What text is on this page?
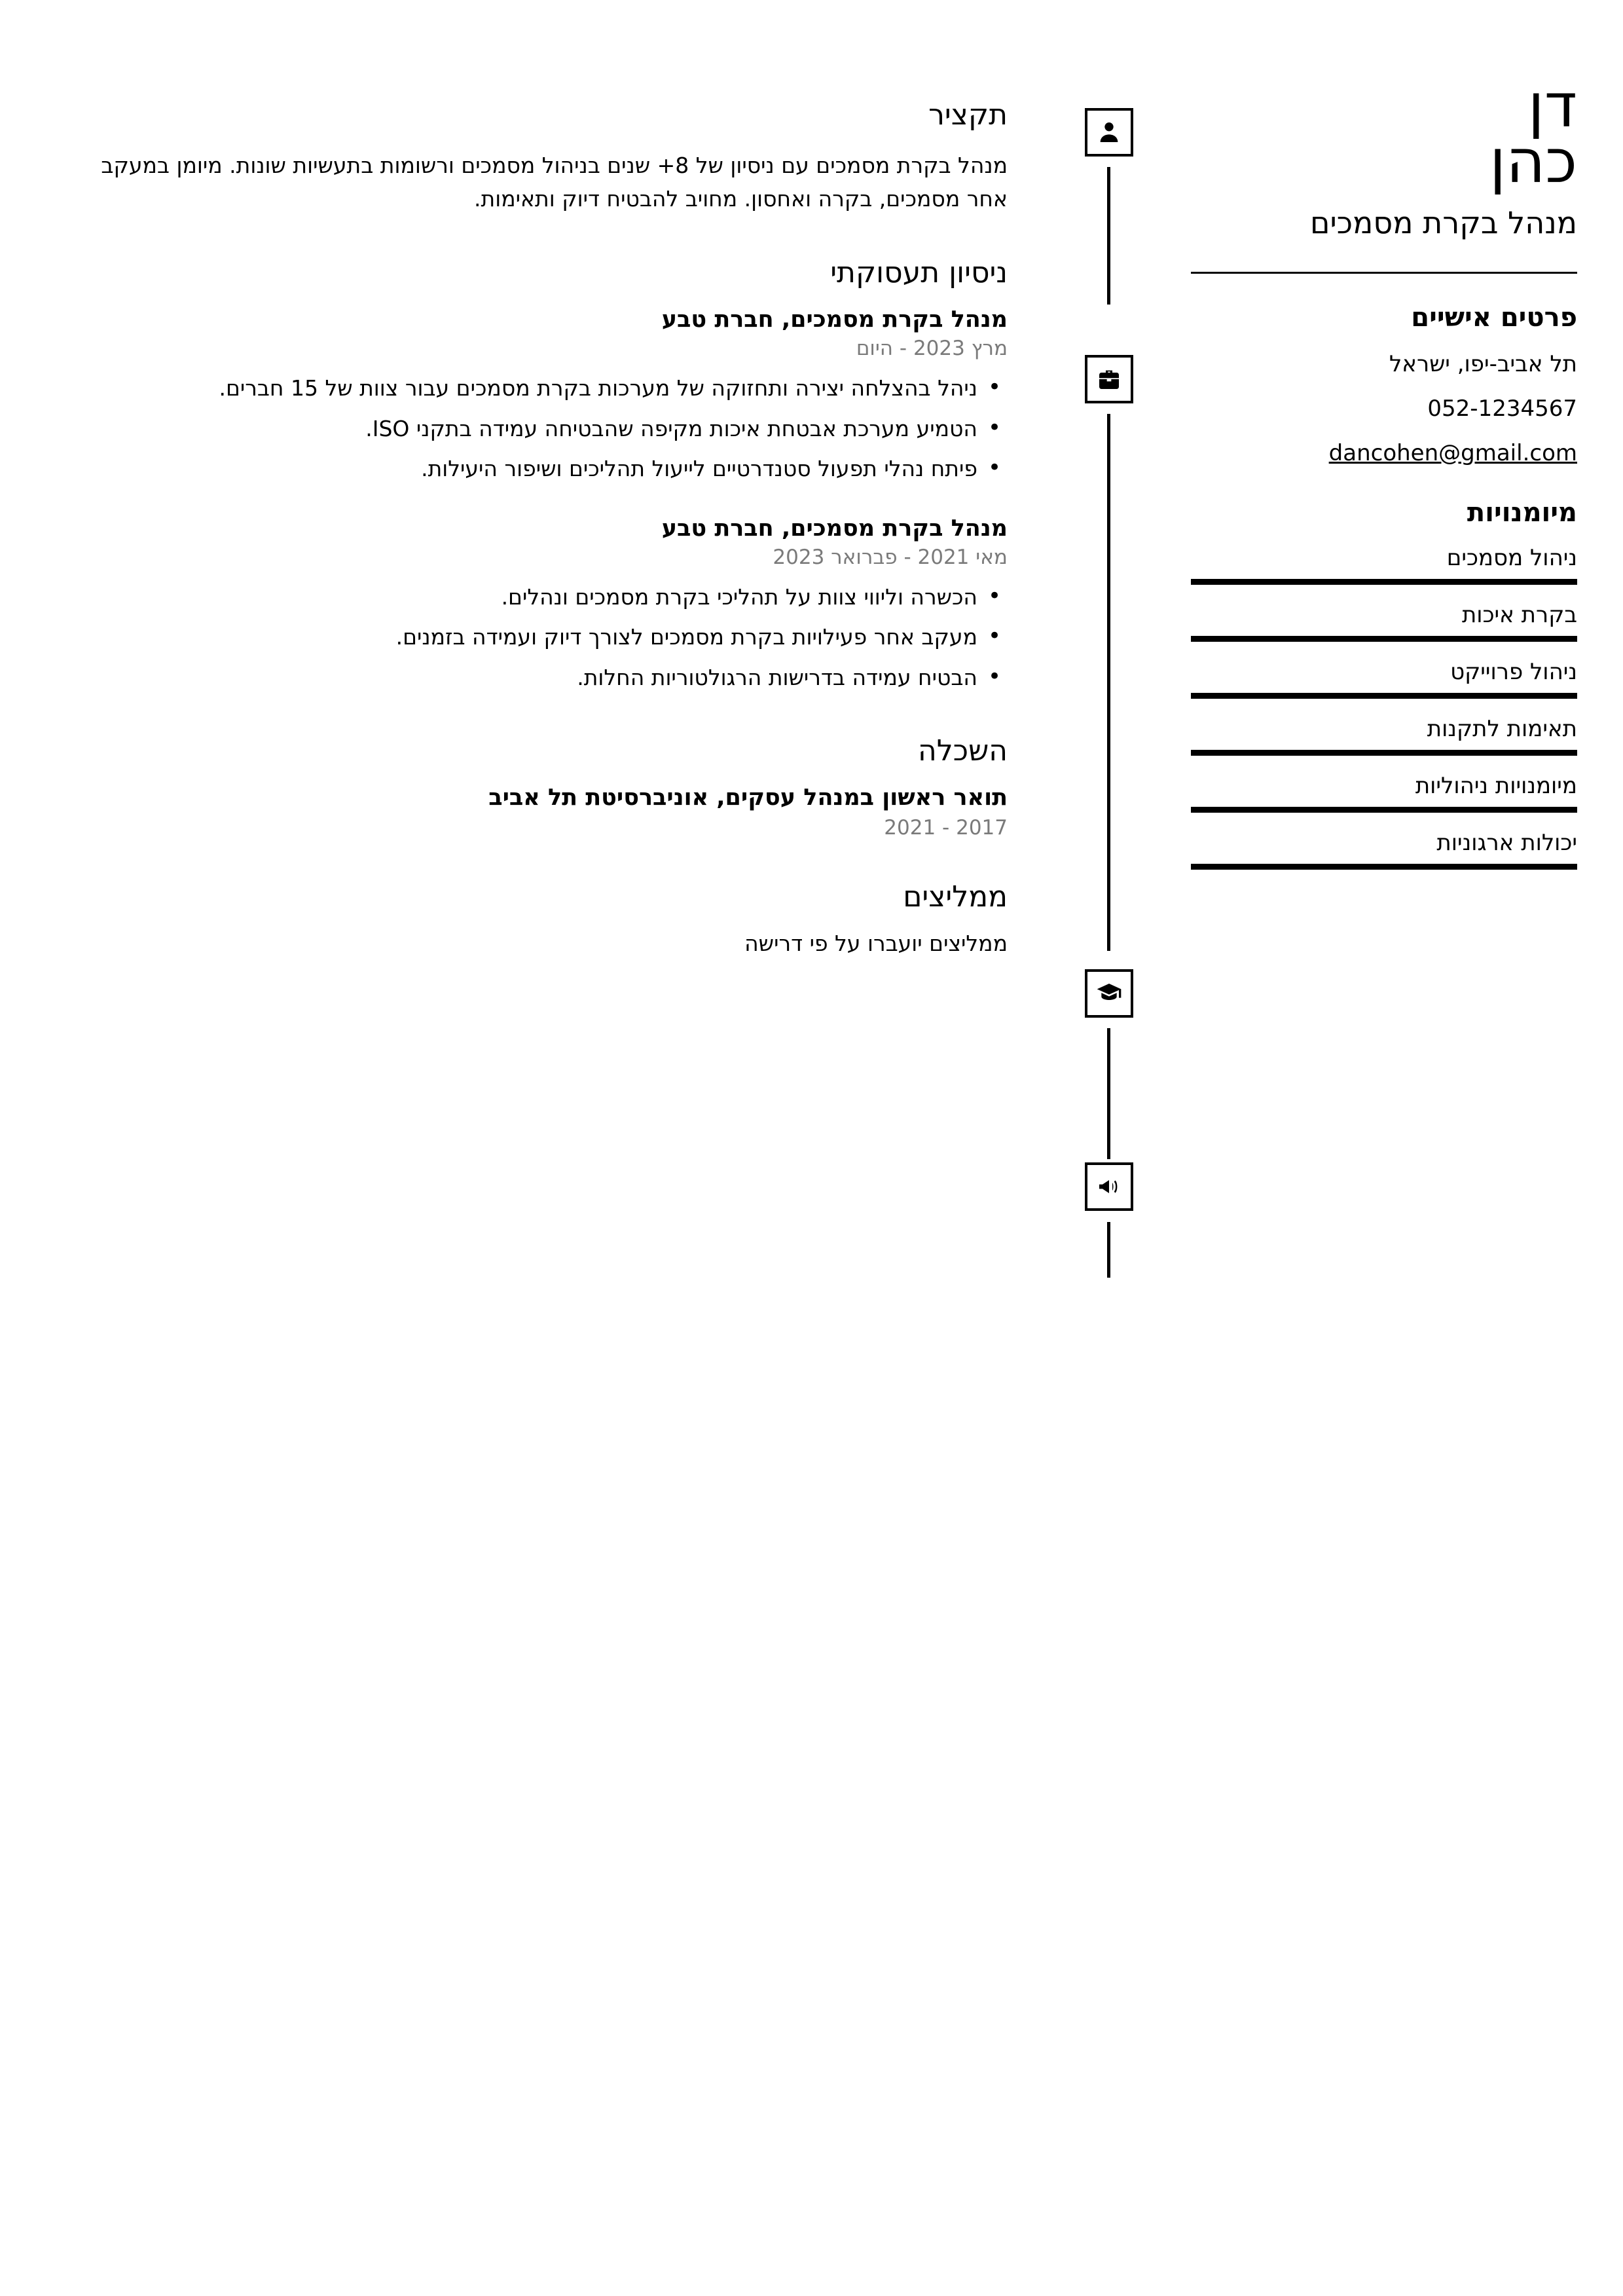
דן
כהן
מנהל בקרת מסמכים
פרטים אישיים
תל אביב-יפו, ישראל
052-1234567
dancohen@gmail.com
מיומנויות
ניהול מסמכים
בקרת איכות
ניהול פרוייקט
תאימות לתקנות
מיומנויות ניהוליות
יכולות ארגוניות
תקציר

מנהל בקרת מסמכים עם ניסיון של 8+ שנים בניהול מסמכים ורשומות בתעשיות שונות. מיומן במעקב אחר מסמכים, בקרה ואחסון. מחויב להבטיח דיוק ותאימות.

ניסיון תעסוקתי
מנהל בקרת מסמכים, חברת טבע
מרץ 2023 - היום
• ניהל בהצלחה יצירה ותחזוקה של מערכות בקרת מסמכים עבור צוות של 15 חברים.
• הטמיע מערכת אבטחת איכות מקיפה שהבטיחה עמידה בתקני ISO.
• פיתח נהלי תפעול סטנדרטיים לייעול תהליכים ושיפור היעילות.
מנהל בקרת מסמכים, חברת טבע
מאי 2021 - פברואר 2023
• הכשרה וליווי צוות על תהליכי בקרת מסמכים ונהלים.
• מעקב אחר פעילויות בקרת מסמכים לצורך דיוק ועמידה בזמנים.
• הבטיח עמידה בדרישות הרגולטוריות החלות.
השכלה
תואר ראשון במנהל עסקים, אוניברסיטת תל אביב
2017 - 2021
ממליצים

ממליצים יועברו על פי דרישה
